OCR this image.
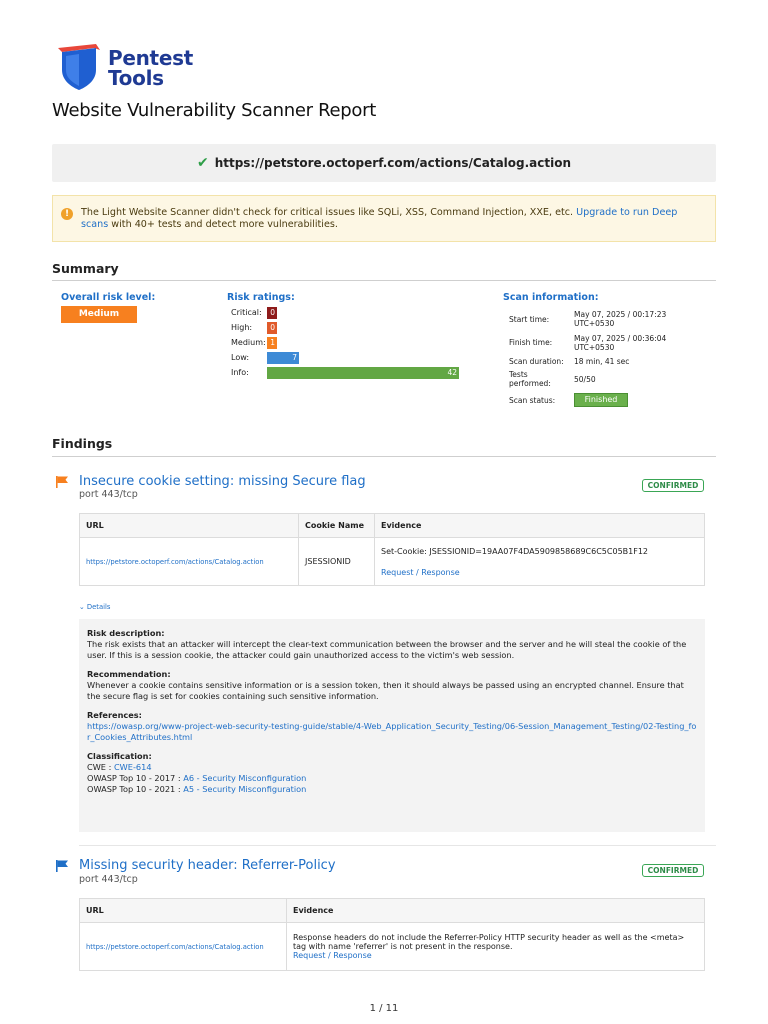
Pentest
Tools
Website Vulnerability Scanner Report
✔ https://petstore.octoperf.com/actions/Catalog.action
!	The Light Website Scanner didn't check for critical issues like SQLi, XSS, Command Injection, XXE, etc. Upgrade to run Deep scans with 40+ tests and detect more vulnerabilities.
Summary
Overall risk level:
Medium
Risk ratings:
Critical:	0
High:	0
Medium: 1
Low:	7
Info:	42
Scan information:
Start time:
May 07, 2025 / 00:17:23 UTC+0530
Finish time:	May 07, 2025 / 00:36:04 UTC+0530
Scan duration:	18 min, 41 sec
Tests performed:	50/50
Scan status:	Finished
Findings
Insecure cookie setting: missing Secure flag
port 443/tcp
CONFIRMED
URL	Cookie Name	Evidence
https://petstore.octoperf.com/actions/Catalog.action	JSESSIONID	Set-Cookie: JSESSIONID=19AA07F4DA5909858689C6C5C05B1F12
Request / Response
⌄ Details
Risk description:
The risk exists that an attacker will intercept the clear-text communication between the browser and the server and he will steal the cookie of the user. If this is a session cookie, the attacker could gain unauthorized access to the victim's web session.
Recommendation:
Whenever a cookie contains sensitive information or is a session token, then it should always be passed using an encrypted channel. Ensure that the secure flag is set for cookies containing such sensitive information.
References:
https://owasp.org/www-project-web-security-testing-guide/stable/4-Web_Application_Security_Testing/06-Session_Management_Testing/02-Testing_for_Cookies_Attributes.html
Classification:
CWE : CWE-614
OWASP Top 10 - 2017 : A6 - Security Misconfiguration
OWASP Top 10 - 2021 : A5 - Security Misconfiguration
Missing security header: Referrer-Policy
port 443/tcp
CONFIRMED
URL	Evidence
https://petstore.octoperf.com/actions/Catalog.action	Response headers do not include the Referrer-Policy HTTP security header as well as the <meta> tag with name 'referrer' is not present in the response.
Request / Response
1 / 11
